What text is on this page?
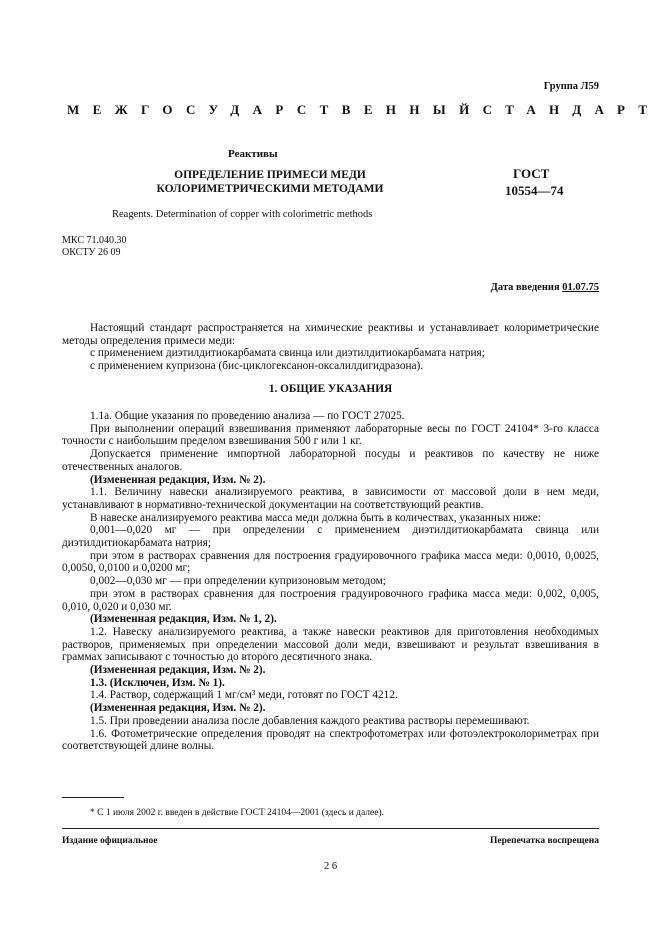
Группа Л59
МЕЖГОСУДАРСТВЕННЫЙ СТАНДАРТ
Реактивы
ОПРЕДЕЛЕНИЕ ПРИМЕСИ МЕДИ
КОЛОРИМЕТРИЧЕСКИМИ МЕТОДАМИ
ГОСТ
10554—74
Reagents. Determination of copper with colorimetric methods
МКС 71.040.30
ОКСТУ 26 09
Дата введения 01.07.75

Настоящий стандарт распространяется на химические реактивы и устанавливает колориметрические методы определения примеси меди:

с применением диэтилдитиокарбамата свинца или диэтилдитиокарбамата натрия;

с применением купризона (бис-циклогексанон-оксалилдигидразона).

1. ОБЩИЕ УКАЗАНИЯ

1.1а. Общие указания по проведению анализа — по ГОСТ 27025.

При выполнении операций взвешивания применяют лабораторные весы по ГОСТ 24104* 3-го класса точности с наибольшим пределом взвешивания 500 г или 1 кг.

Допускается применение импортной лабораторной посуды и реактивов по качеству не ниже отечественных аналогов.

(Измененная редакция, Изм. № 2).

1.1. Величину навески анализируемого реактива, в зависимости от массовой доли в нем меди, устанавливают в нормативно-технической документации на соответствующий реактив.

В навеске анализируемого реактива масса меди должна быть в количествах, указанных ниже:

0,001—0,020 мг — при определении с применением диэтилдитиокарбамата свинца или диэтилдитиокарбамата натрия;

при этом в растворах сравнения для построения градуировочного графика масса меди: 0,0010, 0,0025, 0,0050, 0,0100 и 0,0200 мг;

0,002—0,030 мг — при определении купризоновым методом;

при этом в растворах сравнения для построения градуировочного графика масса меди: 0,002, 0,005, 0,010, 0,020 и 0,030 мг.

(Измененная редакция, Изм. № 1, 2).

1.2. Навеску анализируемого реактива, а также навески реактивов для приготовления необходимых растворов, применяемых при определении массовой доли меди, взвешивают и результат взвешивания в граммах записывают с точностью до второго десятичного знака.

(Измененная редакция, Изм. № 2).

1.3. (Исключен, Изм. № 1).

1.4. Раствор, содержащий 1 мг/см³ меди, готовят по ГОСТ 4212.

(Измененная редакция, Изм. № 2).

1.5. При проведении анализа после добавления каждого реактива растворы перемешивают.

1.6. Фотометрические определения проводят на спектрофотометрах или фотоэлектроколориметрах при соответствующей длине волны.

* С 1 июля 2002 г. введен в действие ГОСТ 24104—2001 (здесь и далее).
Издание официальное	Перепечатка воспрещена
2 6
